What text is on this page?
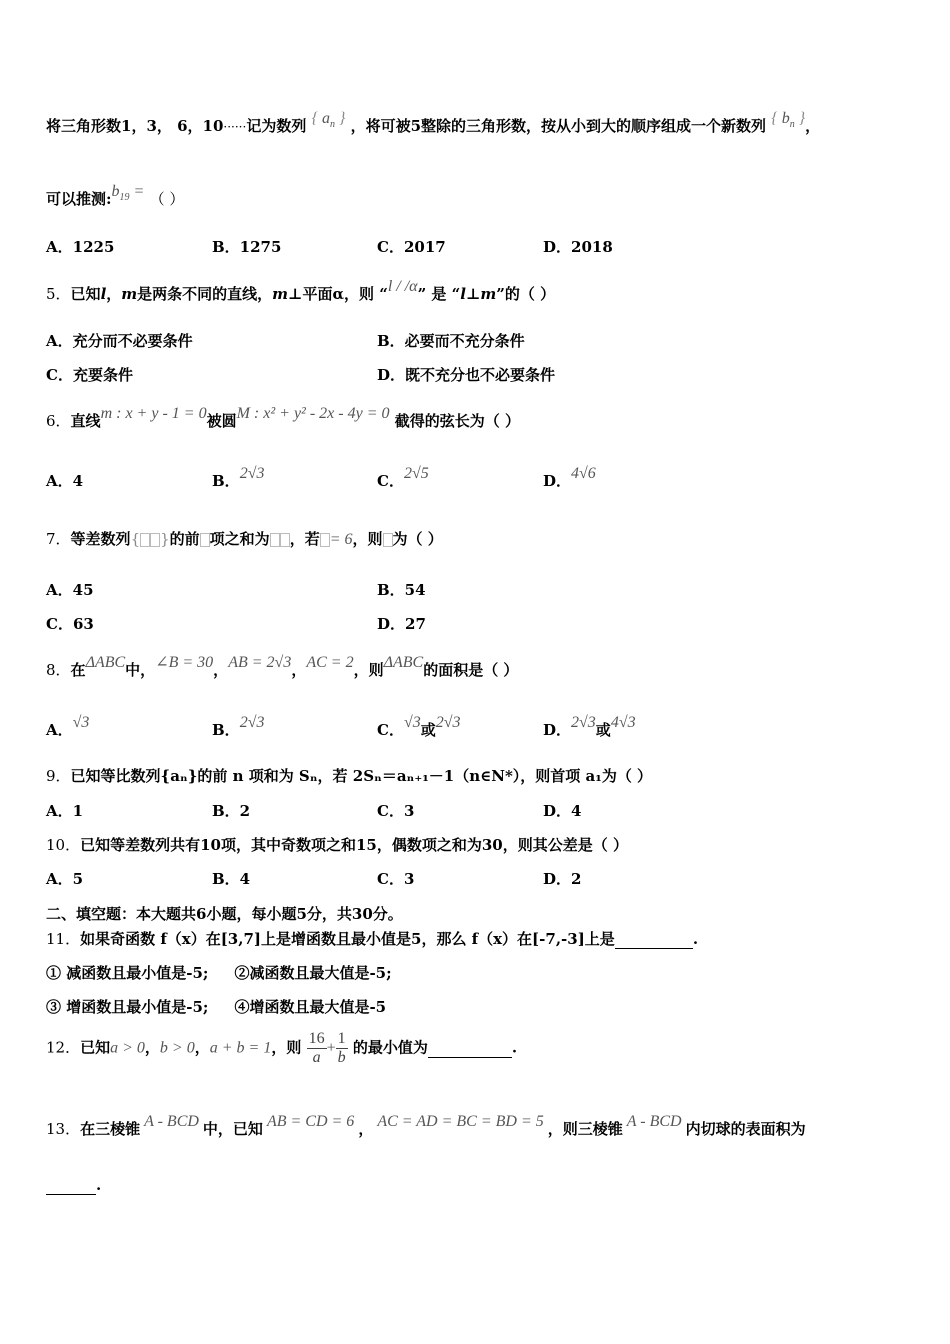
将三角形数1，3， 6，10······记为数列 { $a_n$ } ，将可被5整除的三角形数，按从小到大的顺序组成一个新数列 { $b_n$ }，
可以推测$:b_{19}$ = （ ）
A．1225	B．1275	C．2017	D．2018
5．已知l，m是两条不同的直线，m⊥平面α，则 “l / /α” 是 “l⊥m”的（ ）
A．充分而不必要条件	B．必要而不充分条件
C．充要条件	D．既不充分也不必要条件
6．直线m : x + y - 1 = 0被圆M : x² + y² - 2x - 4y = 0 截得的弦长为（ ）
A．4	B．2√3	C．2√5	D．4√6
7．等差数列{ }的前 项之和为 ，若 = 6，则 为（ ）
A．45	B．54
C．63	D．27
8．在ΔABC中，∠B = 30，AB = 2√3，AC = 2，则ΔABC的面积是（ ）
A．√3	B．2√3	C．√3或2√3	D．2√3或4√3
9．已知等比数列{aₙ}的前 n 项和为 Sₙ，若 2Sₙ＝aₙ₊₁－1（n∈N*），则首项 a₁为（ ）
A．1	B．2	C．3	D．4
10．已知等差数列共有10项，其中奇数项之和15，偶数项之和为30，则其公差是（ ）
A．5	B．4	C．3	D．2
二、填空题：本大题共6小题，每小题5分，共30分。
11．如果奇函数 f（x）在[3,7]上是增函数且最小值是5，那么 f（x）在[-7,-3]上是	.
① 减函数且最小值是-5; ②减函数且最大值是-5;
③ 增函数且最小值是-5; ④增函数且最大值是-5
12．已知a > 0，b > 0，a + b = 1，则 $\frac{16}{a} + \frac{1}{b}$ 的最小值为	.
13．在三棱锥 A - BCD 中，已知 AB = CD = 6 ， AC = AD = BC = BD = 5 ，则三棱锥 A - BCD 内切球的表面积为
.
